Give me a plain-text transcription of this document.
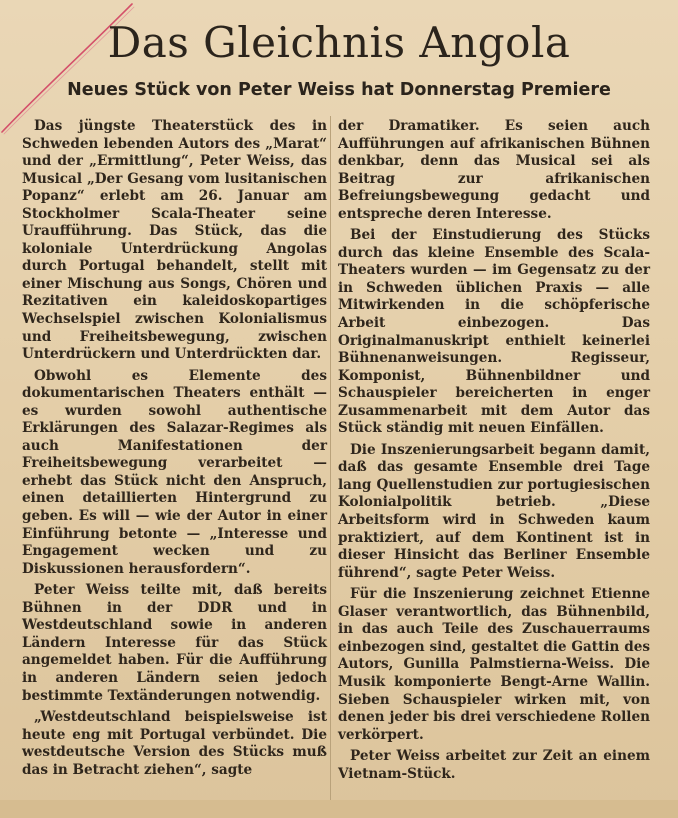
Das Gleichnis Angola
Neues Stück von Peter Weiss hat Donnerstag Premiere

Das jüngste Theaterstück des in Schweden lebenden Autors des „Marat“ und der „Ermittlung“, Peter Weiss, das Musical „Der Gesang vom lusitanischen Popanz“ erlebt am 26. Januar am Stockholmer Scala-Theater seine Uraufführung. Das Stück, das die koloniale Unterdrückung Angolas durch Portugal behandelt, stellt mit einer Mischung aus Songs, Chören und Rezitativen ein kaleidoskopartiges Wechselspiel zwischen Kolonialismus und Freiheitsbewegung, zwischen Unterdrückern und Unterdrückten dar.

Obwohl es Elemente des dokumentarischen Theaters enthält — es wurden sowohl authentische Erklärungen des Salazar-Regimes als auch Manifestationen der Freiheitsbewegung verarbeitet — erhebt das Stück nicht den Anspruch, einen detaillierten Hintergrund zu geben. Es will — wie der Autor in einer Einführung betonte — „Interesse und Engagement wecken und zu Diskussionen herausfordern“.

Peter Weiss teilte mit, daß bereits Bühnen in der DDR und in Westdeutschland sowie in anderen Ländern Interesse für das Stück angemeldet haben. Für die Aufführung in anderen Ländern seien jedoch bestimmte Textänderungen notwendig.

„Westdeutschland beispielsweise ist heute eng mit Portugal verbündet. Die westdeutsche Version des Stücks muß das in Betracht ziehen“, sagte

der Dramatiker. Es seien auch Aufführungen auf afrikanischen Bühnen denkbar, denn das Musical sei als Beitrag zur afrikanischen Befreiungsbewegung gedacht und entspreche deren Interesse.

Bei der Einstudierung des Stücks durch das kleine Ensemble des Scala-Theaters wurden — im Gegensatz zu der in Schweden üblichen Praxis — alle Mitwirkenden in die schöpferische Arbeit einbezogen. Das Originalmanuskript enthielt keinerlei Bühnenanweisungen. Regisseur, Komponist, Bühnenbildner und Schauspieler bereicherten in enger Zusammenarbeit mit dem Autor das Stück ständig mit neuen Einfällen.

Die Inszenierungsarbeit begann damit, daß das gesamte Ensemble drei Tage lang Quellenstudien zur portugiesischen Kolonialpolitik betrieb. „Diese Arbeitsform wird in Schweden kaum praktiziert, auf dem Kontinent ist in dieser Hinsicht das Berliner Ensemble führend“, sagte Peter Weiss.

Für die Inszenierung zeichnet Etienne Glaser verantwortlich, das Bühnenbild, in das auch Teile des Zuschauerraums einbezogen sind, gestaltet die Gattin des Autors, Gunilla Palmstierna-Weiss. Die Musik komponierte Bengt-Arne Wallin. Sieben Schauspieler wirken mit, von denen jeder bis drei verschiedene Rollen verkörpert.

Peter Weiss arbeitet zur Zeit an einem Vietnam-Stück.
